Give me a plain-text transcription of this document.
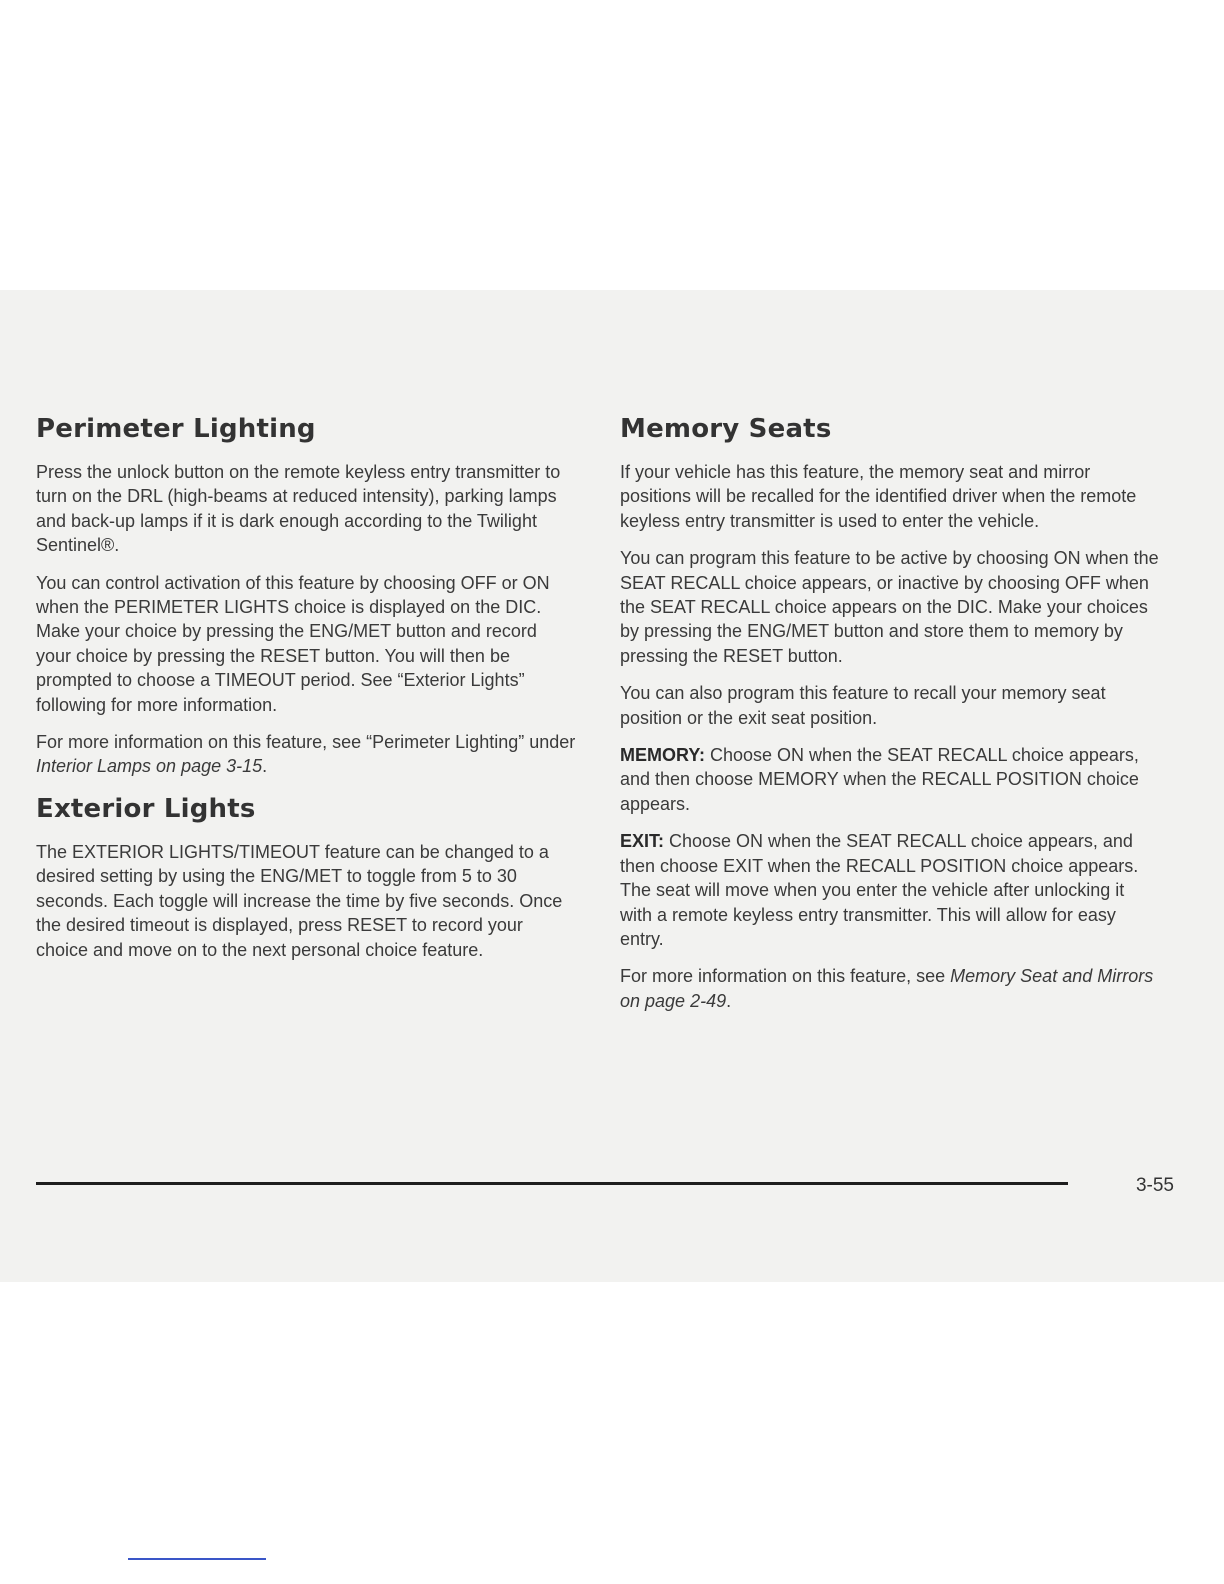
Perimeter Lighting

Press the unlock button on the remote keyless entry transmitter to turn on the DRL (high-beams at reduced intensity), parking lamps and back-up lamps if it is dark enough according to the Twilight Sentinel®.

You can control activation of this feature by choosing OFF or ON when the PERIMETER LIGHTS choice is displayed on the DIC. Make your choice by pressing the ENG/MET button and record your choice by pressing the RESET button. You will then be prompted to choose a TIMEOUT period. See “Exterior Lights” following for more information.

For more information on this feature, see “Perimeter Lighting” under Interior Lamps on page 3-15.

Exterior Lights

The EXTERIOR LIGHTS/TIMEOUT feature can be changed to a desired setting by using the ENG/MET to toggle from 5 to 30 seconds. Each toggle will increase the time by five seconds. Once the desired timeout is displayed, press RESET to record your choice and move on to the next personal choice feature.

Memory Seats

If your vehicle has this feature, the memory seat and mirror positions will be recalled for the identified driver when the remote keyless entry transmitter is used to enter the vehicle.

You can program this feature to be active by choosing ON when the SEAT RECALL choice appears, or inactive by choosing OFF when the SEAT RECALL choice appears on the DIC. Make your choices by pressing the ENG/MET button and store them to memory by pressing the RESET button.

You can also program this feature to recall your memory seat position or the exit seat position.

MEMORY: Choose ON when the SEAT RECALL choice appears, and then choose MEMORY when the RECALL POSITION choice appears.

EXIT: Choose ON when the SEAT RECALL choice appears, and then choose EXIT when the RECALL POSITION choice appears. The seat will move when you enter the vehicle after unlocking it with a remote keyless entry transmitter. This will allow for easy entry.

For more information on this feature, see Memory Seat and Mirrors on page 2-49.

3-55
